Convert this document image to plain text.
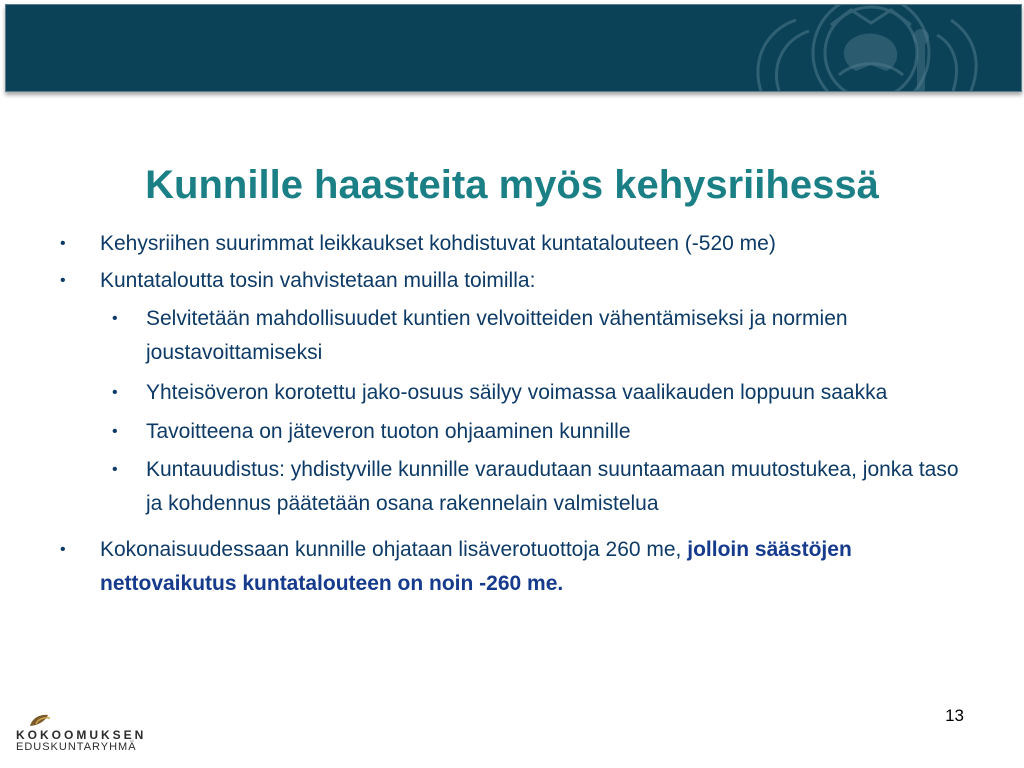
Kunnille haasteita myös kehysriihessä
• Kehysriihen suurimmat leikkaukset kohdistuvat kuntatalouteen (-520 me)
• Kuntataloutta tosin vahvistetaan muilla toimilla:
• Selvitetään mahdollisuudet kuntien velvoitteiden vähentämiseksi ja normien joustavoittamiseksi
• Yhteisöveron korotettu jako-osuus säilyy voimassa vaalikauden loppuun saakka
• Tavoitteena on jäteveron tuoton ohjaaminen kunnille
• Kuntauudistus: yhdistyville kunnille varaudutaan suuntaamaan muutostukea, jonka taso ja kohdennus päätetään osana rakennelain valmistelua
• Kokonaisuudessaan kunnille ohjataan lisäverotuottoja 260 me, jolloin säästöjen nettovaikutus kuntatalouteen on noin -260 me.
13
KOKOOMUKSEN
EDUSKUNTARYHMÄ
